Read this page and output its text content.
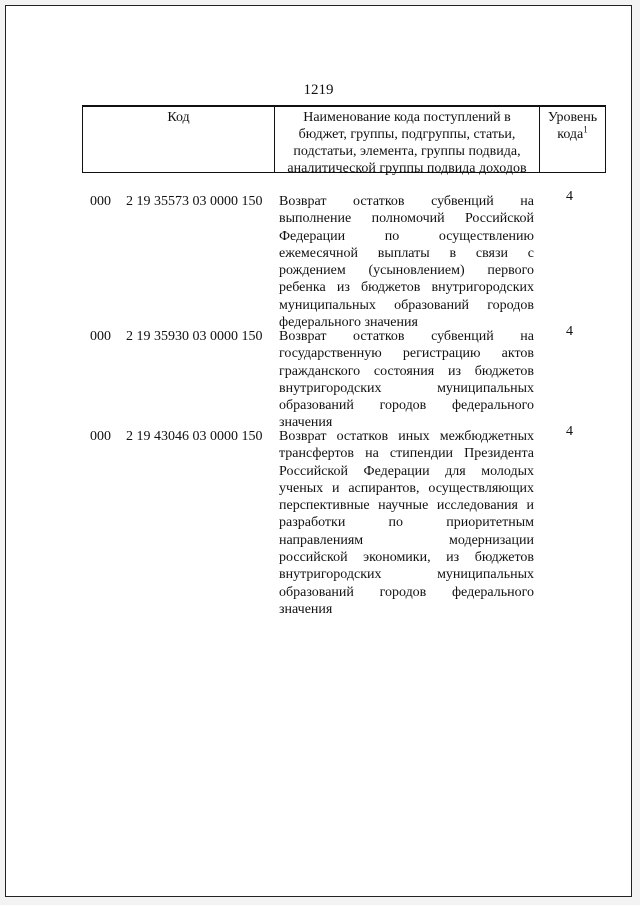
1219
Код	Наименование кода поступлений в
бюджет, группы, подгруппы, статьи,
подстатьи, элемента, группы подвида,
аналитической группы подвида доходов
Уровень
кода$^1$
000 2 19 35573 03 0000 150 Возврат остатков субвенций на
выполнение полномочий Российской
Федерации по осуществлению
ежемесячной выплаты в связи с
рождением (усыновлением) первого
ребенка из бюджетов внутригородских
муниципальных образований городов
федерального значения
4
000 2 19 35930 03 0000 150 Возврат остатков субвенций на
государственную регистрацию актов
гражданского состояния из бюджетов
внутригородских муниципальных
образований городов федерального
значения
4
000 2 19 43046 03 0000 150 Возврат остатков иных межбюджетных
трансфертов на стипендии Президента
Российской Федерации для молодых
ученых и аспирантов, осуществляющих
перспективные научные исследования и
разработки по приоритетным
направлениям модернизации
российской экономики, из бюджетов
внутригородских муниципальных
образований городов федерального
значения
4
